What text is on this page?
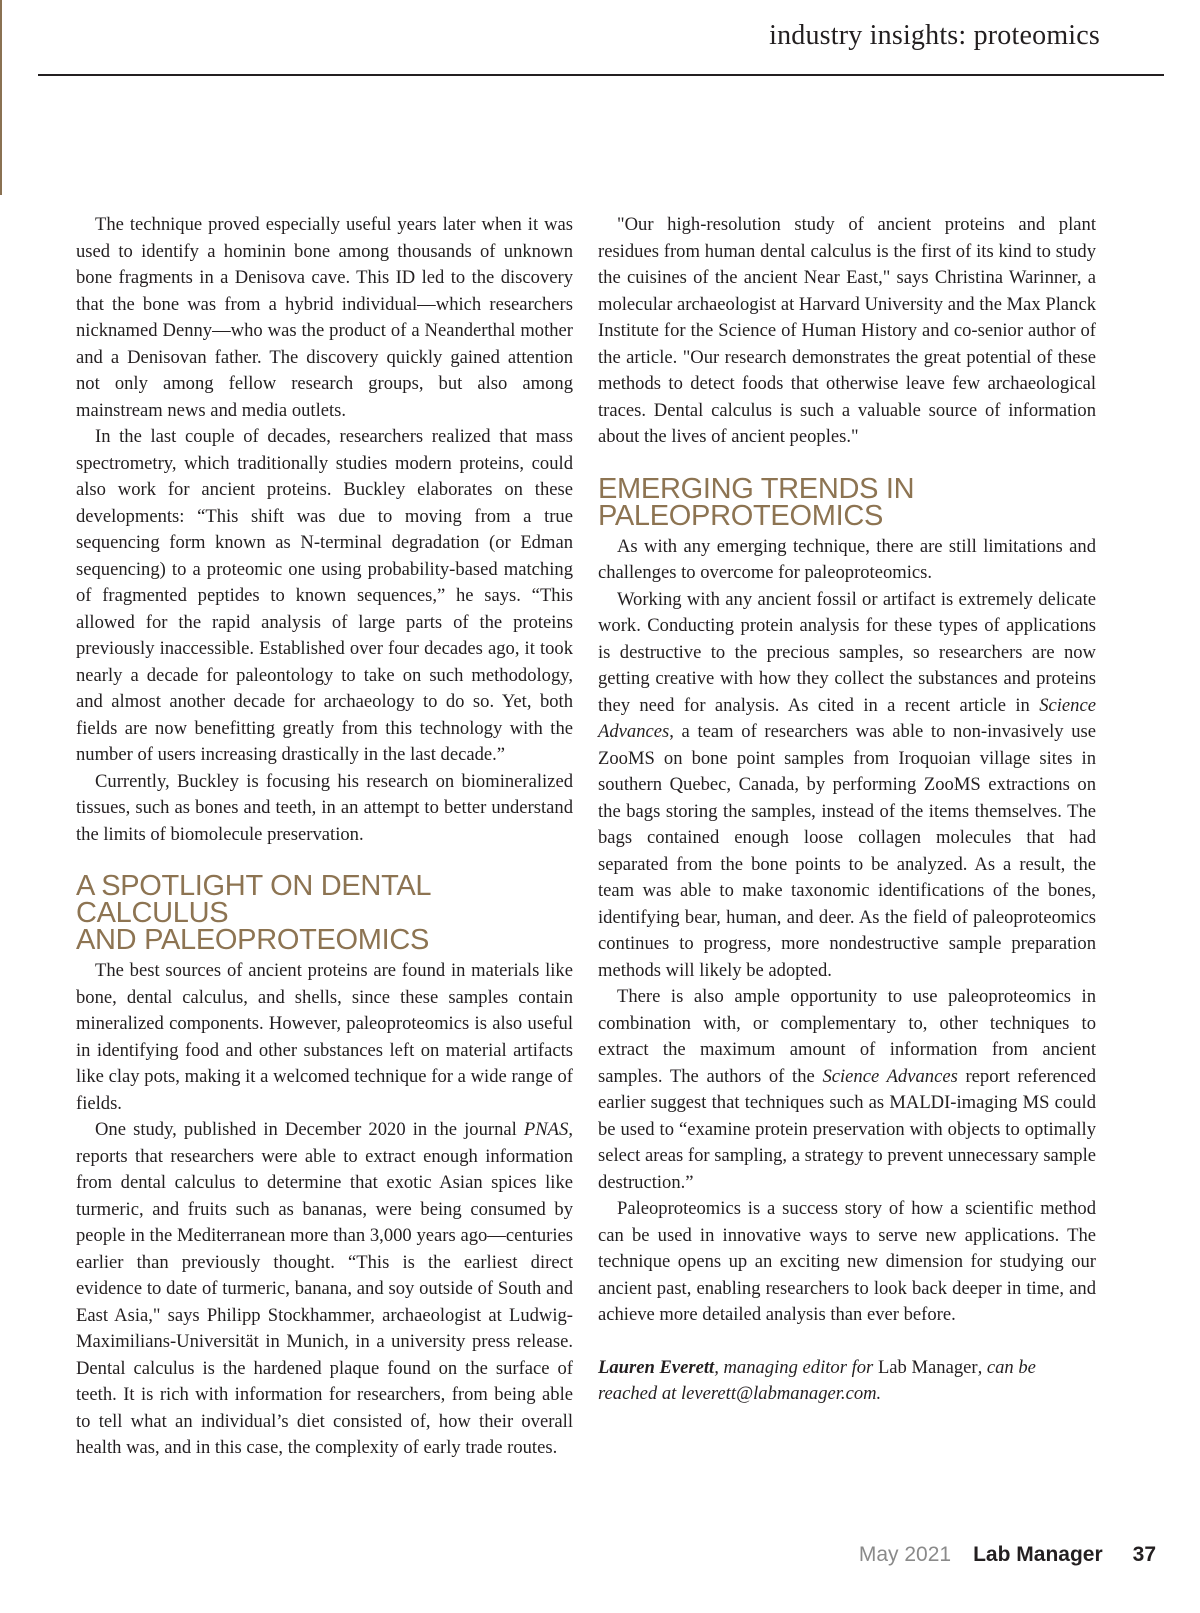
industry insights: proteomics

The technique proved especially useful years later when it was used to identify a hominin bone among thousands of unknown bone fragments in a Denisova cave. This ID led to the discovery that the bone was from a hybrid individual—which researchers nicknamed Denny—who was the product of a Neanderthal mother and a Denisovan father. The discovery quickly gained attention not only among fellow research groups, but also among mainstream news and media outlets.

In the last couple of decades, researchers realized that mass spectrometry, which traditionally studies modern proteins, could also work for ancient proteins. Buckley elaborates on these developments: “This shift was due to moving from a true sequencing form known as N-terminal degradation (or Edman sequencing) to a proteomic one using probability-based matching of fragmented peptides to known sequences,” he says. “This allowed for the rapid analysis of large parts of the proteins previously inaccessible. Established over four decades ago, it took nearly a decade for paleontology to take on such methodology, and almost another decade for archaeology to do so. Yet, both fields are now benefitting greatly from this technology with the number of users increasing drastically in the last decade.”

Currently, Buckley is focusing his research on biomineralized tissues, such as bones and teeth, in an attempt to better understand the limits of biomolecule preservation.

A SPOTLIGHT ON DENTAL CALCULUS
AND PALEOPROTEOMICS

The best sources of ancient proteins are found in materials like bone, dental calculus, and shells, since these samples contain mineralized components. However, paleoproteomics is also useful in identifying food and other substances left on material artifacts like clay pots, making it a welcomed technique for a wide range of fields.

One study, published in December 2020 in the journal PNAS, reports that researchers were able to extract enough information from dental calculus to determine that exotic Asian spices like turmeric, and fruits such as bananas, were being consumed by people in the Mediterranean more than 3,000 years ago—centuries earlier than previously thought. “This is the earliest direct evidence to date of turmeric, banana, and soy outside of South and East Asia," says Philipp Stockhammer, archaeologist at Ludwig-Maximilians-Universität in Munich, in a university press release. Dental calculus is the hardened plaque found on the surface of teeth. It is rich with information for researchers, from being able to tell what an individual’s diet consisted of, how their overall health was, and in this case, the complexity of early trade routes.

"Our high-resolution study of ancient proteins and plant residues from human dental calculus is the first of its kind to study the cuisines of the ancient Near East," says Christina Warinner, a molecular archaeologist at Harvard University and the Max Planck Institute for the Science of Human History and co-senior author of the article. "Our research demonstrates the great potential of these methods to detect foods that otherwise leave few archaeological traces. Dental calculus is such a valuable source of information about the lives of ancient peoples."

EMERGING TRENDS IN
PALEOPROTEOMICS

As with any emerging technique, there are still limitations and challenges to overcome for paleoproteomics.

Working with any ancient fossil or artifact is extremely delicate work. Conducting protein analysis for these types of applications is destructive to the precious samples, so researchers are now getting creative with how they collect the substances and proteins they need for analysis. As cited in a recent article in Science Advances, a team of researchers was able to non-invasively use ZooMS on bone point samples from Iroquoian village sites in southern Quebec, Canada, by performing ZooMS extractions on the bags storing the samples, instead of the items themselves. The bags contained enough loose collagen molecules that had separated from the bone points to be analyzed. As a result, the team was able to make taxonomic identifications of the bones, identifying bear, human, and deer. As the field of paleoproteomics continues to progress, more nondestructive sample preparation methods will likely be adopted.

There is also ample opportunity to use paleoproteomics in combination with, or complementary to, other techniques to extract the maximum amount of information from ancient samples. The authors of the Science Advances report referenced earlier suggest that techniques such as MALDI-imaging MS could be used to “examine protein preservation with objects to optimally select areas for sampling, a strategy to prevent unnecessary sample destruction.”

Paleoproteomics is a success story of how a scientific method can be used in innovative ways to serve new applications. The technique opens up an exciting new dimension for studying our ancient past, enabling researchers to look back deeper in time, and achieve more detailed analysis than ever before.

Lauren Everett, managing editor for Lab Manager, can be reached at leverett@labmanager.com.

May 2021 Lab Manager 37
